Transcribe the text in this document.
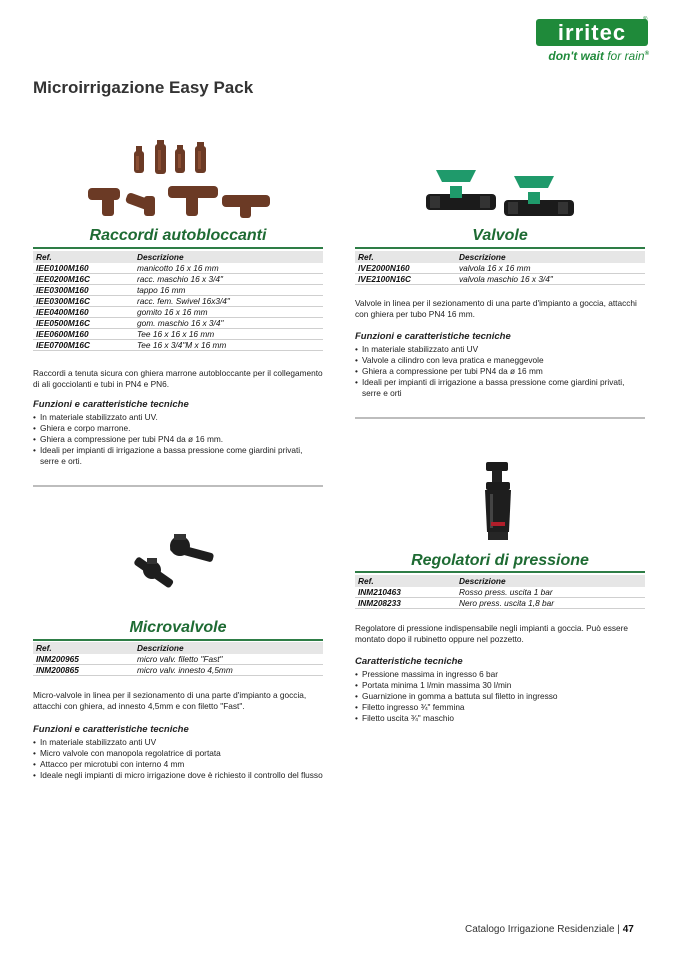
irritec	®
don't wait for rain®
Microirrigazione Easy Pack
Raccordi autobloccanti
Ref.	Descrizione
IEE0100M160	manicotto 16 x 16 mm
IEE0200M16C	racc. maschio 16 x 3/4"
IEE0300M160	tappo 16 mm
IEE0300M16C	racc. fem. Swivel 16x3/4"
IEE0400M160	gomito 16 x 16 mm
IEE0500M16C	gom. maschio 16 x 3/4"
IEE0600M160	Tee 16 x 16 x 16 mm
IEE0700M16C	Tee 16 x 3/4"M x 16 mm
Raccordi a tenuta sicura con ghiera marrone autobloccante per il collegamento di ali gocciolanti e tubi in PN4 e PN6.
Funzioni e caratteristiche tecniche
• In materiale stabilizzato anti UV.
• Ghiera e corpo marrone.
• Ghiera a compressione per tubi PN4 da ø 16 mm.
• Ideali per impianti di irrigazione a bassa pressione come giardini privati, serre e orti.
Valvole
Ref.	Descrizione
IVE2000N160	valvola 16 x 16 mm
IVE2100N16C	valvola maschio 16 x 3/4"
Valvole in linea per il sezionamento di una parte d'impianto a goccia, attacchi con ghiera per tubo PN4 16 mm.
Funzioni e caratteristiche tecniche
• In materiale stabilizzato anti UV
• Valvole a cilindro con leva pratica e maneggevole
• Ghiera a compressione per tubi PN4 da ø 16 mm
• Ideali per impianti di irrigazione a bassa pressione come giardini privati, serre e orti
Regolatori di pressione
Ref.	Descrizione
INM210463	Rosso press. uscita 1 bar
INM208233	Nero press. uscita 1,8 bar
Regolatore di pressione indispensabile negli impianti a goccia. Può essere montato dopo il rubinetto oppure nel pozzetto.
Caratteristiche tecniche
• Pressione massima in ingresso 6 bar
• Portata minima 1 l/min massima 30 l/min
• Guarnizione in gomma a battuta sul filetto in ingresso
• Filetto ingresso ¾" femmina
• Filetto uscita ¾" maschio
Microvalvole
Ref.	Descrizione
INM200965	micro valv. filetto "Fast"
INM200865	micro valv. innesto 4,5mm
Micro-valvole in linea per il sezionamento di una parte d'impianto a goccia, attacchi con ghiera, ad innesto 4,5mm e con filetto "Fast".
Funzioni e caratteristiche tecniche
• In materiale stabilizzato anti UV
• Micro valvole con manopola regolatrice di portata
• Attacco per microtubi con interno 4 mm
• Ideale negli impianti di micro irrigazione dove è richiesto il controllo del flusso
Catalogo Irrigazione Residenziale | 47
